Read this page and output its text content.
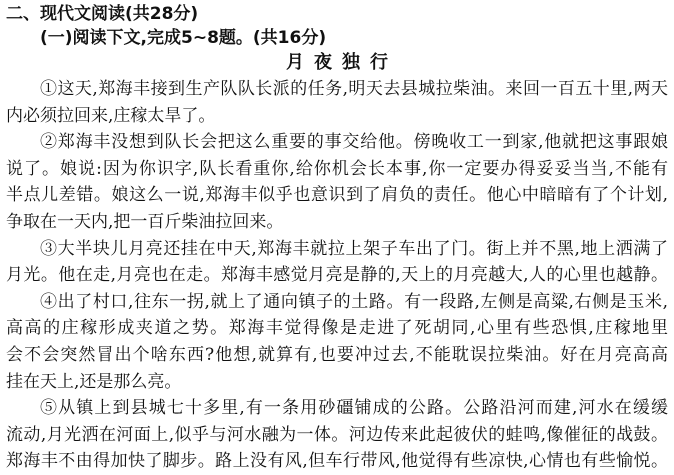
二、现代文阅读(共28分)
(一)阅读下文,完成5~8题。(共16分)
月夜独行
①这天,郑海丰接到生产队队长派的任务,明天去县城拉柴油。来回一百五十里,两天
内必须拉回来,庄稼太旱了。
②郑海丰没想到队长会把这么重要的事交给他。傍晚收工一到家,他就把这事跟娘
说了。娘说:因为你识字,队长看重你,给你机会长本事,你一定要办得妥妥当当,不能有
半点儿差错。娘这么一说,郑海丰似乎也意识到了肩负的责任。他心中暗暗有了个计划,
争取在一天内,把一百斤柴油拉回来。
③大半块儿月亮还挂在中天,郑海丰就拉上架子车出了门。街上并不黑,地上洒满了
月光。他在走,月亮也在走。郑海丰感觉月亮是静的,天上的月亮越大,人的心里也越静。
④出了村口,往东一拐,就上了通向镇子的土路。有一段路,左侧是高粱,右侧是玉米,
高高的庄稼形成夹道之势。郑海丰觉得像是走进了死胡同,心里有些恐惧,庄稼地里
会不会突然冒出个啥东西?他想,就算有,也要冲过去,不能耽误拉柴油。好在月亮高高
挂在天上,还是那么亮。
⑤从镇上到县城七十多里,有一条用砂礓铺成的公路。公路沿河而建,河水在缓缓
流动,月光洒在河面上,似乎与河水融为一体。河边传来此起彼伏的蛙鸣,像催征的战鼓。
郑海丰不由得加快了脚步。路上没有风,但车行带风,他觉得有些凉快,心情也有些愉悦。
